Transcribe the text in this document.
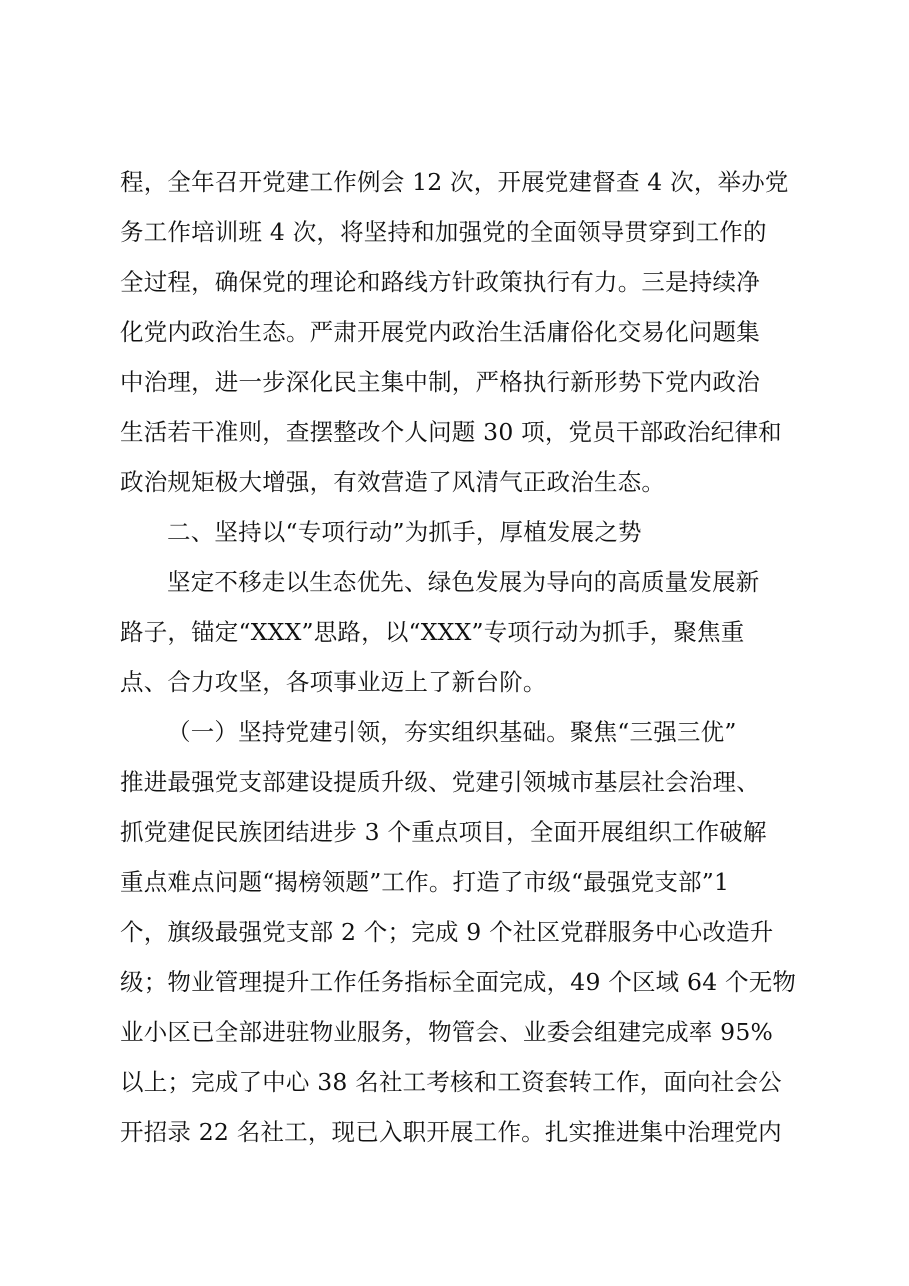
程，全年召开党建工作例会 12 次，开展党建督查 4 次，举办党

务工作培训班 4 次，将坚持和加强党的全面领导贯穿到工作的

全过程，确保党的理论和路线方针政策执行有力。三是持续净

化党内政治生态。严肃开展党内政治生活庸俗化交易化问题集

中治理，进一步深化民主集中制，严格执行新形势下党内政治

生活若干准则，查摆整改个人问题 30 项，党员干部政治纪律和

政治规矩极大增强，有效营造了风清气正政治生态。

二、坚持以“专项行动”为抓手，厚植发展之势

坚定不移走以生态优先、绿色发展为导向的高质量发展新

路子，锚定“XXX”思路，以“XXX”专项行动为抓手，聚焦重

点、合力攻坚，各项事业迈上了新台阶。

（一）坚持党建引领，夯实组织基础。聚焦“三强三优”

推进最强党支部建设提质升级、党建引领城市基层社会治理、

抓党建促民族团结进步 3 个重点项目，全面开展组织工作破解

重点难点问题“揭榜领题”工作。打造了市级“最强党支部”1

个，旗级最强党支部 2 个；完成 9 个社区党群服务中心改造升

级；物业管理提升工作任务指标全面完成，49 个区域 64 个无物

业小区已全部进驻物业服务，物管会、业委会组建完成率 95%

以上；完成了中心 38 名社工考核和工资套转工作，面向社会公

开招录 22 名社工，现已入职开展工作。扎实推进集中治理党内
